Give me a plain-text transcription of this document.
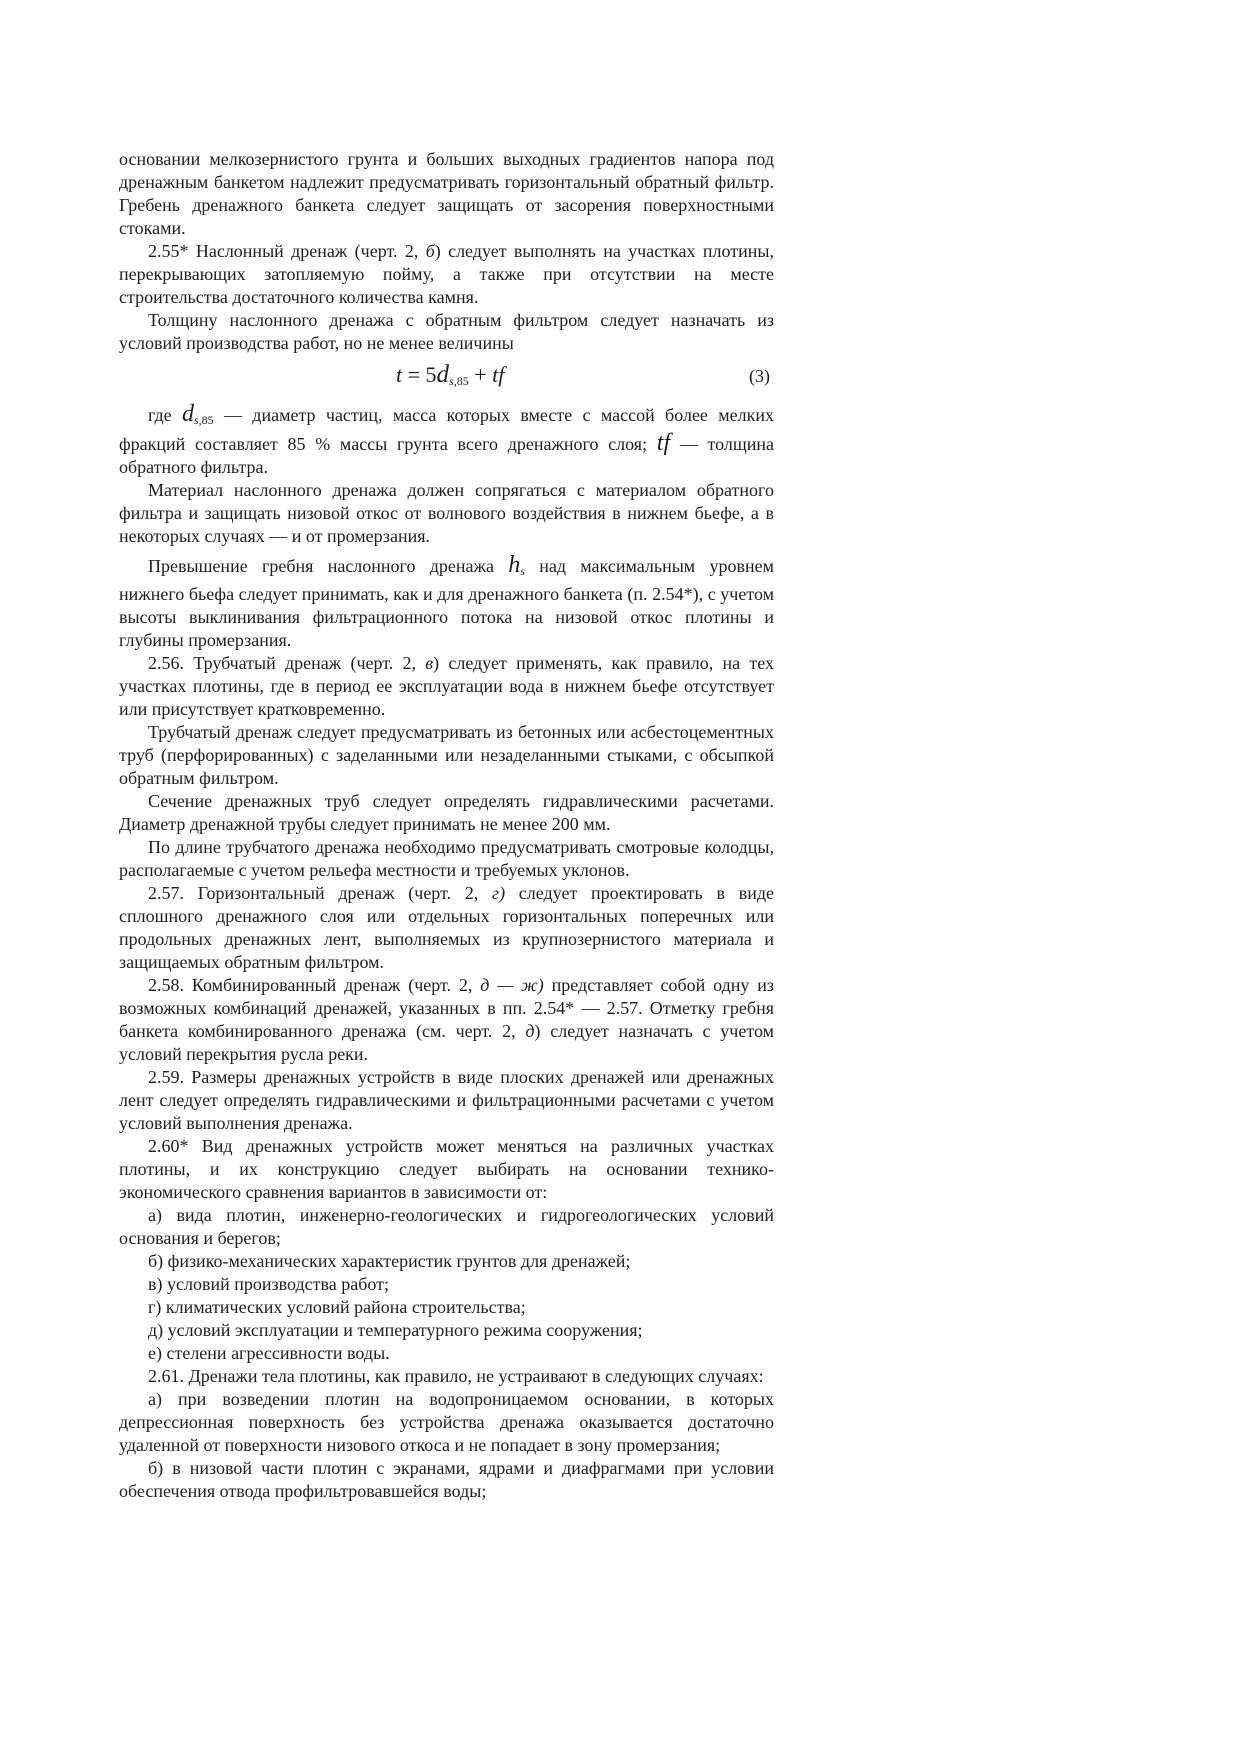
основании мелкозернистого грунта и больших выходных градиентов напора под дренажным банкетом надлежит предусматривать горизонтальный обратный фильтр. Гребень дренажного банкета следует защищать от засорения поверхностными стоками.

2.55* Наслонный дренаж (черт. 2, б) следует выполнять на участках плотины, перекрывающих затопляемую пойму, а также при отсутствии на месте строительства достаточного количества камня.

Толщину наслонного дренажа с обратным фильтром следует назначать из условий производства работ, но не менее величины

$t = 5d_{s,85}$ + tf	(3)

где $d_{s,85}$ — диаметр частиц, масса которых вместе с массой более мелких фракций составляет 85 % массы грунта всего дренажного слоя; tf — толщина обратного фильтра.

Материал наслонного дренажа должен сопрягаться с материалом обратного фильтра и защищать низовой откос от волнового воздействия в нижнем бьефе, а в некоторых случаях — и от промерзания.

Превышение гребня наслонного дренажа $h_s$ над максимальным уровнем нижнего бьефа следует принимать, как и для дренажного банкета (п. 2.54*), с учетом высоты выклинивания фильтрационного потока на низовой откос плотины и глубины промерзания.

2.56. Трубчатый дренаж (черт. 2, в) следует применять, как правило, на тех участках плотины, где в период ее эксплуатации вода в нижнем бьефе отсутствует или присутствует кратковременно.

Трубчатый дренаж следует предусматривать из бетонных или асбестоцементных труб (перфорированных) с заделанными или незаделанными стыками, с обсыпкой обратным фильтром.

Сечение дренажных труб следует определять гидравлическими расчетами. Диаметр дренажной трубы следует принимать не менее 200 мм.

По длине трубчатого дренажа необходимо предусматривать смотровые колодцы, располагаемые с учетом рельефа местности и требуемых уклонов.

2.57. Горизонтальный дренаж (черт. 2, г) следует проектировать в виде сплошного дренажного слоя или отдельных горизонтальных поперечных или продольных дренажных лент, выполняемых из крупнозернистого материала и защищаемых обратным фильтром.

2.58. Комбинированный дренаж (черт. 2, д — ж) представляет собой одну из возможных комбинаций дренажей, указанных в пп. 2.54* — 2.57. Отметку гребня банкета комбинированного дренажа (см. черт. 2, д) следует назначать с учетом условий перекрытия русла реки.

2.59. Размеры дренажных устройств в виде плоских дренажей или дренажных лент следует определять гидравлическими и фильтрационными расчетами с учетом условий выполнения дренажа.

2.60* Вид дренажных устройств может меняться на различных участках плотины, и их конструкцию следует выбирать на основании технико-экономического сравнения вариантов в зависимости от:

а) вида плотин, инженерно-геологических и гидрогеологических условий основания и берегов;

б) физико-механических характеристик грунтов для дренажей;

в) условий производства работ;

г) климатических условий района строительства;

д) условий эксплуатации и температурного режима сооружения;

е) стелени агрессивности воды.

2.61. Дренажи тела плотины, как правило, не устраивают в следующих случаях:

а) при возведении плотин на водопроницаемом основании, в которых депрессионная поверхность без устройства дренажа оказывается достаточно удаленной от поверхности низового откоса и не попадает в зону промерзания;

б) в низовой части плотин с экранами, ядрами и диафрагмами при условии обеспечения отвода профильтровавшейся воды;
